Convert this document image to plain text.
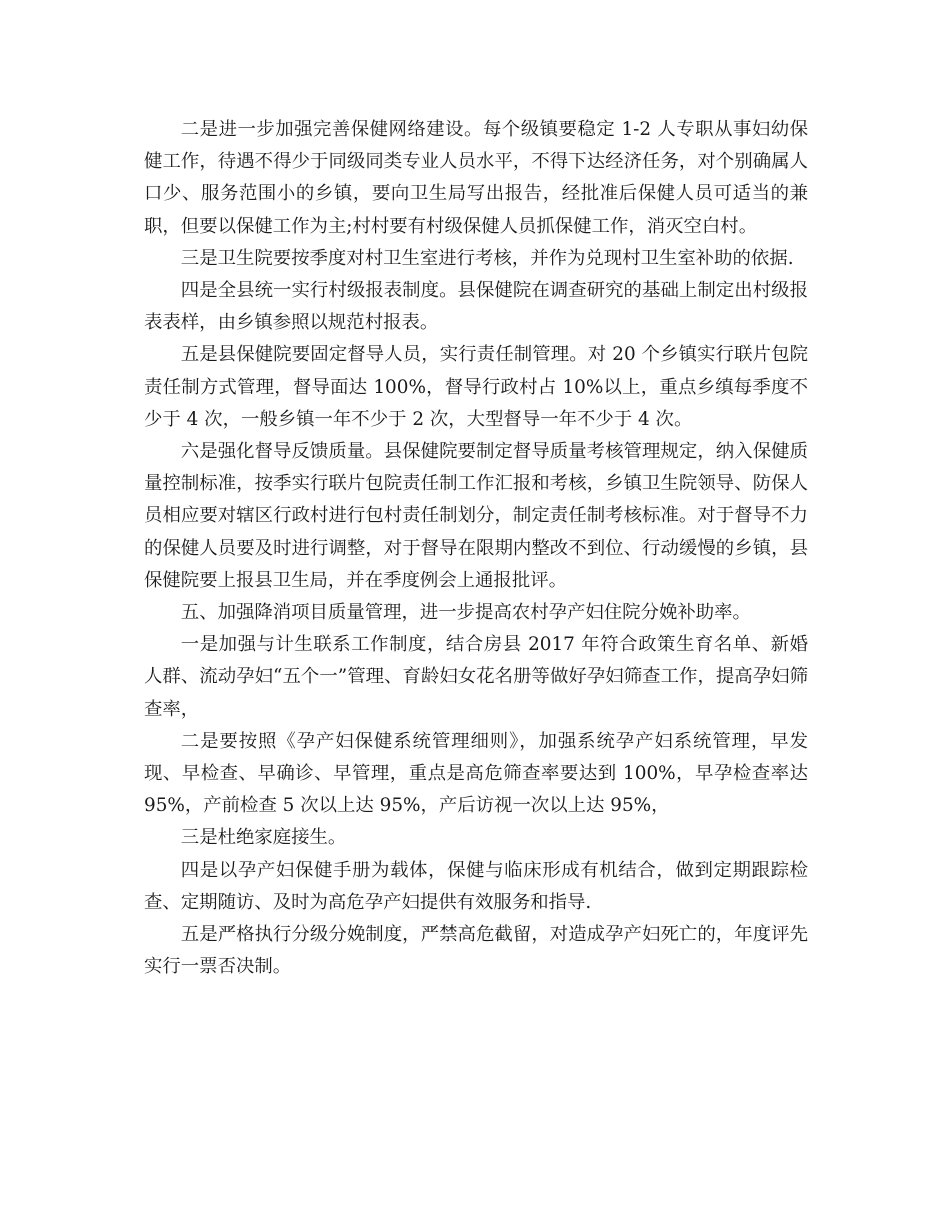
二是进一步加强完善保健网络建设。每个级镇要稳定 1-2 人专职从事妇幼保健工作，待遇不得少于同级同类专业人员水平，不得下达经济任务，对个别确属人口少、服务范围小的乡镇，要向卫生局写出报告，经批准后保健人员可适当的兼职，但要以保健工作为主;村村要有村级保健人员抓保健工作，消灭空白村。

三是卫生院要按季度对村卫生室进行考核，并作为兑现村卫生室补助的依据.

四是全县统一实行村级报表制度。县保健院在调查研究的基础上制定出村级报表表样，由乡镇参照以规范村报表。

五是县保健院要固定督导人员，实行责任制管理。对 20 个乡镇实行联片包院责任制方式管理，督导面达 100%，督导行政村占 10%以上，重点乡缜每季度不少于 4 次，一般乡镇一年不少于 2 次，大型督导一年不少于 4 次。

六是强化督导反馈质量。县保健院要制定督导质量考核管理规定，纳入保健质量控制标准，按季实行联片包院责任制工作汇报和考核，乡镇卫生院领导、防保人员相应要对辖区行政村进行包村责任制划分，制定责任制考核标准。对于督导不力的保健人员要及时进行调整，对于督导在限期内整改不到位、行动缓慢的乡镇，县保健院要上报县卫生局，并在季度例会上通报批评。

五、加强降消项目质量管理，进一步提高农村孕产妇住院分娩补助率。

一是加强与计生联系工作制度，结合房县 2017 年符合政策生育名单、新婚人群、流动孕妇“五个一”管理、育龄妇女花名册等做好孕妇筛查工作，提高孕妇筛查率，

二是要按照《孕产妇保健系统管理细则》，加强系统孕产妇系统管理，早发现、早检查、早确诊、早管理，重点是高危筛查率要达到 100%，早孕检查率达 95%，产前检查 5 次以上达 95%，产后访视一次以上达 95%，

三是杜绝家庭接生。

四是以孕产妇保健手册为载体，保健与临床形成有机结合，做到定期跟踪检查、定期随访、及时为高危孕产妇提供有效服务和指导.

五是严格执行分级分娩制度，严禁高危截留，对造成孕产妇死亡的，年度评先实行一票否决制。
